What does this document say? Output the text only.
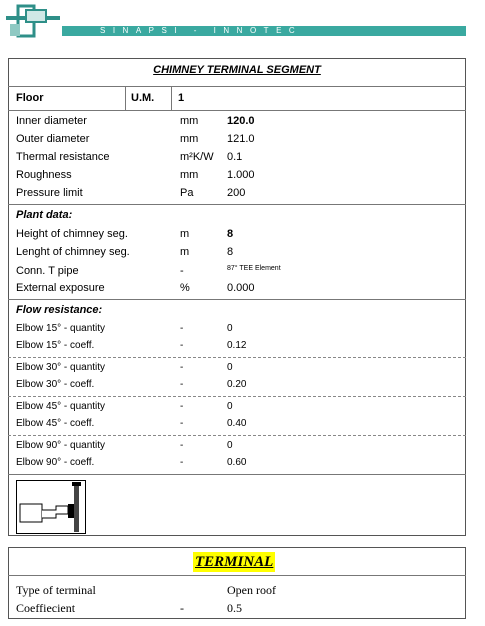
SINAPSI - INNOTEC
CHIMNEY TERMINAL SEGMENT
Floor	U.M. 1
Inner diameter	mm	120.0
Outer diameter	mm	121.0
Thermal resistance	m²K/W 0.1
Roughness	mm	1.000
Pressure limit	Pa	200
Plant data:
Height of chimney seg.	m	8
Lenght of chimney seg.	m	8
Conn. T pipe	-	87° TEE Element
External exposure	%	0.000
Flow resistance:
Elbow 15° - quantity	-	0
Elbow 15° - coeff.	-	0.12
Elbow 30° - quantity	-	0
Elbow 30° - coeff.	-	0.20
Elbow 45° - quantity	-	0
Elbow 45° - coeff.	-	0.40
Elbow 90° - quantity	-	0
Elbow 90° - coeff.	-	0.60
TERMINAL
Type of terminal	Open roof
Coeffiecient	-	0.5
